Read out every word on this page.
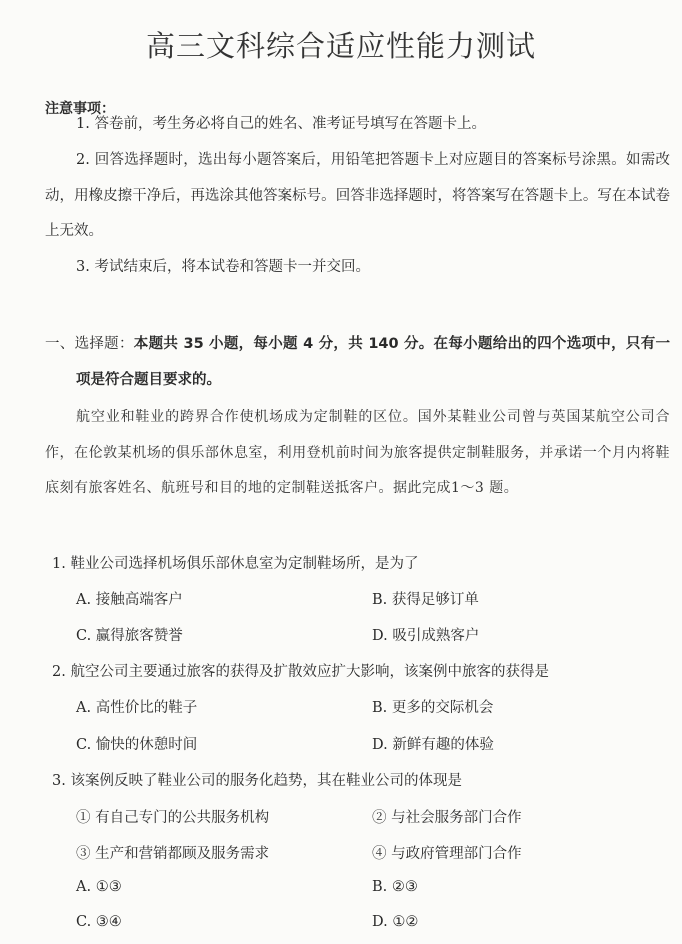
高三文科综合适应性能力测试
注意事项：
1. 答卷前，考生务必将自己的姓名、准考证号填写在答题卡上。
2. 回答选择题时，选出每小题答案后，用铅笔把答题卡上对应题目的答案标号涂黑。如需改动，用橡皮擦干净后，再选涂其他答案标号。回答非选择题时，将答案写在答题卡上。写在本试卷上无效。
3. 考试结束后，将本试卷和答题卡一并交回。
一、选择题：本题共 35 小题，每小题 4 分，共 140 分。在每小题给出的四个选项中，只有一项是符合题目要求的。
航空业和鞋业的跨界合作使机场成为定制鞋的区位。国外某鞋业公司曾与英国某航空公司合作，在伦敦某机场的俱乐部休息室，利用登机前时间为旅客提供定制鞋服务，并承诺一个月内将鞋底刻有旅客姓名、航班号和目的地的定制鞋送抵客户。据此完成1～3 题。
1. 鞋业公司选择机场俱乐部休息室为定制鞋场所，是为了
A. 接触高端客户	B. 获得足够订单
C. 赢得旅客赞誉	D. 吸引成熟客户
2. 航空公司主要通过旅客的获得及扩散效应扩大影响，该案例中旅客的获得是
A. 高性价比的鞋子	B. 更多的交际机会
C. 愉快的休憩时间	D. 新鲜有趣的体验
3. 该案例反映了鞋业公司的服务化趋势，其在鞋业公司的体现是
① 有自己专门的公共服务机构	② 与社会服务部门合作
③ 生产和营销都顾及服务需求	④ 与政府管理部门合作
A. ①③	B. ②③
C. ③④	D. ①②
